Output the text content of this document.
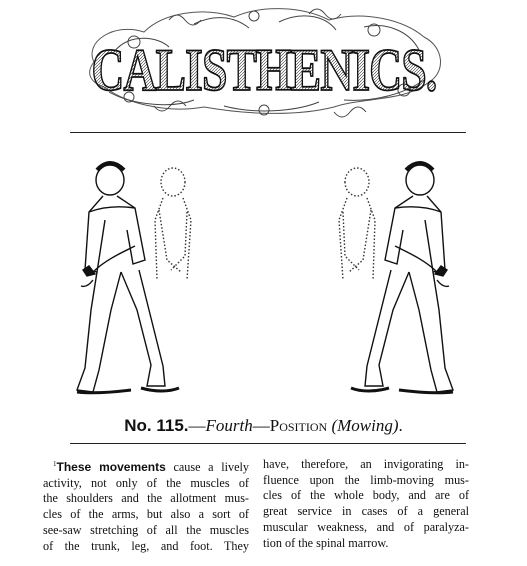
CALISTHENICS.
No. 115.—Fourth—Position (Mowing).
$^1$These movements cause a lively
activity, not only of the muscles of
the shoulders and the allotment mus-
cles of the arms, but also a sort of
see-saw stretching of all the muscles
of the trunk, leg, and foot. They
have, therefore, an invigorating in-
fluence upon the limb-moving mus-
cles of the whole body, and are of
great service in cases of a general
muscular weakness, and of paralyza-
tion of the spinal marrow.
